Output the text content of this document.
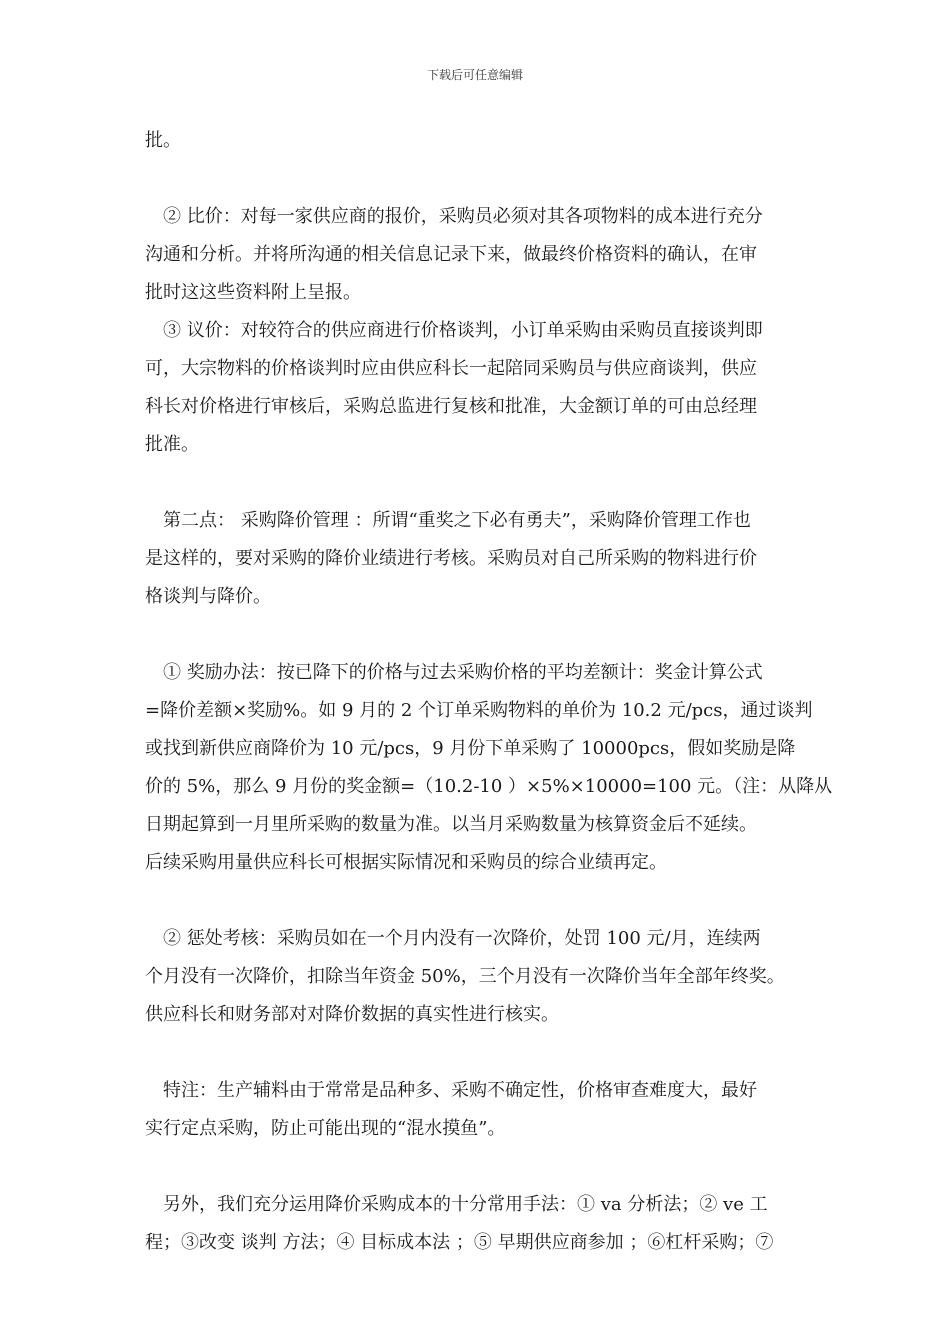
下载后可任意编辑
批。
② 比价：对每一家供应商的报价，采购员必须对其各项物料的成本进行充分
沟通和分析。并将所沟通的相关信息记录下来，做最终价格资料的确认，在审
批时这这些资料附上呈报。
③ 议价：对较符合的供应商进行价格谈判，小订单采购由采购员直接谈判即
可，大宗物料的价格谈判时应由供应科长一起陪同采购员与供应商谈判，供应
科长对价格进行审核后，采购总监进行复核和批准，大金额订单的可由总经理
批准。
第二点： 采购降价管理 ：所谓“重奖之下必有勇夫”，采购降价管理工作也
是这样的，要对采购的降价业绩进行考核。采购员对自己所采购的物料进行价
格谈判与降价。
① 奖励办法：按已降下的价格与过去采购价格的平均差额计：奖金计算公式
=降价差额×奖励%。如 9 月的 2 个订单采购物料的单价为 10.2 元/pcs，通过谈判
或找到新供应商降价为 10 元/pcs，9 月份下单采购了 10000pcs，假如奖励是降
价的 5%，那么 9 月份的奖金额=（10.2-10 ）×5%×10000=100 元。（注：从降从
日期起算到一月里所采购的数量为准。以当月采购数量为核算资金后不延续。
后续采购用量供应科长可根据实际情况和采购员的综合业绩再定。
② 惩处考核：采购员如在一个月内没有一次降价，处罚 100 元/月，连续两
个月没有一次降价，扣除当年资金 50%，三个月没有一次降价当年全部年终奖。
供应科长和财务部对对降价数据的真实性进行核实。
特注：生产辅料由于常常是品种多、采购不确定性，价格审查难度大，最好
实行定点采购，防止可能出现的“混水摸鱼”。
另外，我们充分运用降价采购成本的十分常用手法：① va 分析法；② ve 工
程；③改变 谈判 方法；④ 目标成本法 ；⑤ 早期供应商参加 ；⑥杠杆采购；⑦
